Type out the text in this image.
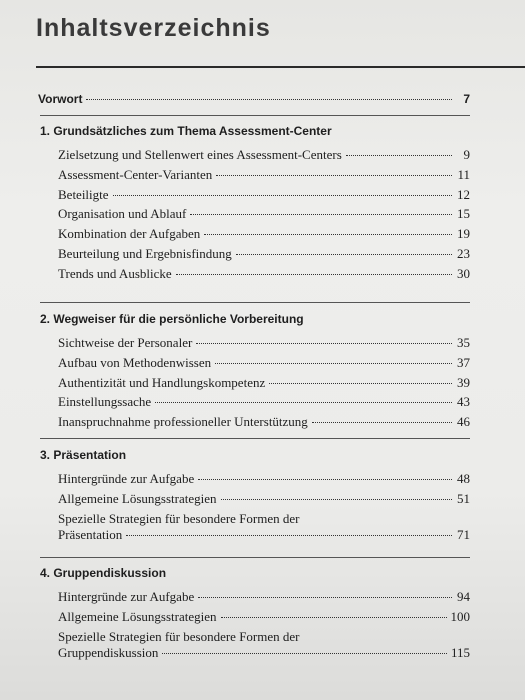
Inhaltsverzeichnis
Vorwort	7
1. Grundsätzliches zum Thema Assessment-Center
Zielsetzung und Stellenwert eines Assessment-Centers	9
Assessment-Center-Varianten	11
Beteiligte	12
Organisation und Ablauf	15
Kombination der Aufgaben	19
Beurteilung und Ergebnisfindung	23
Trends und Ausblicke	30
2. Wegweiser für die persönliche Vorbereitung
Sichtweise der Personaler	35
Aufbau von Methodenwissen	37
Authentizität und Handlungskompetenz	39
Einstellungssache	43
Inanspruchnahme professioneller Unterstützung	46
3. Präsentation
Hintergründe zur Aufgabe	48
Allgemeine Lösungsstrategien	51
Spezielle Strategien für besondere Formen der
Präsentation	71
4. Gruppendiskussion
Hintergründe zur Aufgabe	94
Allgemeine Lösungsstrategien	100
Spezielle Strategien für besondere Formen der
Gruppendiskussion	115
